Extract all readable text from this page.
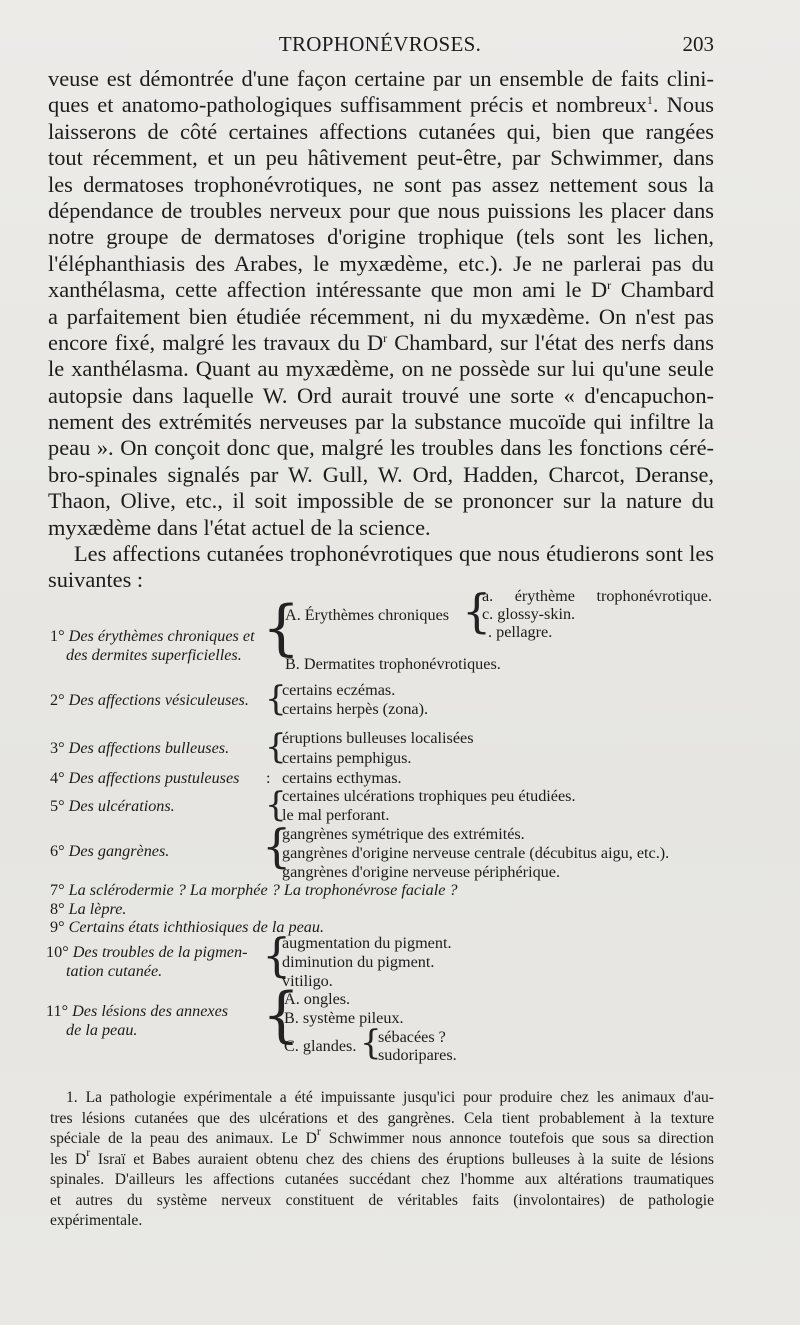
TROPHONÉVROSES.	203
veuse est démontrée d'une façon certaine par un ensemble de faits clini-
ques et anatomo-pathologiques suffisamment précis et nombreux$^1$. Nous
laisserons de côté certaines affections cutanées qui, bien que rangées
tout récemment, et un peu hâtivement peut-être, par Schwimmer, dans
les dermatoses trophonévrotiques, ne sont pas assez nettement sous la
dépendance de troubles nerveux pour que nous puissions les placer dans
notre groupe de dermatoses d'origine trophique (tels sont les lichen,
l'éléphanthiasis des Arabes, le myxædème, etc.). Je ne parlerai pas du
xanthélasma, cette affection intéressante que mon ami le $D^r$ Chambard
a parfaitement bien étudiée récemment, ni du myxædème. On n'est pas
encore fixé, malgré les travaux du $D^r$ Chambard, sur l'état des nerfs dans
le xanthélasma. Quant au myxædème, on ne possède sur lui qu'une seule
autopsie dans laquelle W. Ord aurait trouvé une sorte « d'encapuchon-
nement des extrémités nerveuses par la substance mucoïde qui infiltre la
peau ». On conçoit donc que, malgré les troubles dans les fonctions céré-
bro-spinales signalés par W. Gull, W. Ord, Hadden, Charcot, Deranse,
Thaon, Olive, etc., il soit impossible de se prononcer sur la nature du
myxædème dans l'état actuel de la science.
Les affections cutanées trophonévrotiques que nous étudierons sont les
suivantes :
1° Des érythèmes chroniques et
des dermites superficielles. {
A. Érythèmes chroniques {
a. érythème trophonévrotique.
c. glossy-skin.
. pellagre.
B. Dermatites trophonévrotiques.
2° Des affections vésiculeuses. {
certains eczémas.
certains herpès (zona).
3° Des affections bulleuses. {
éruptions bulleuses localisées
certains pemphigus.
4° Des affections pustuleuses : certains ecthymas.
5° Des ulcérations.	{
certaines ulcérations trophiques peu étudiées.
le mal perforant.
6° Des gangrènes. {
gangrènes symétrique des extrémités.
gangrènes d'origine nerveuse centrale (décubitus aigu, etc.).
gangrènes d'origine nerveuse périphérique.
7° La sclérodermie ? La morphée ? La trophonévrose faciale ?
8° La lèpre.
9° Certains états ichthiosiques de la peau.
10° Des troubles de la pigmen-
tation cutanée. {
augmentation du pigment.
diminution du pigment.
vitiligo.
11° Des lésions des annexes
de la peau. {
A. ongles.
B. système pileux.
C. glandes. {
sébacées ?
sudoripares.
1. La pathologie expérimentale a été impuissante jusqu'ici pour produire chez les animaux d'au-
tres lésions cutanées que des ulcérations et des gangrènes. Cela tient probablement à la texture
spéciale de la peau des animaux. Le $D^r$ Schwimmer nous annonce toutefois que sous sa direction
les $D^r$ Israï et Babes auraient obtenu chez des chiens des éruptions bulleuses à la suite de lésions
spinales. D'ailleurs les affections cutanées succédant chez l'homme aux altérations traumatiques
et autres du système nerveux constituent de véritables faits (involontaires) de pathologie
expérimentale.
